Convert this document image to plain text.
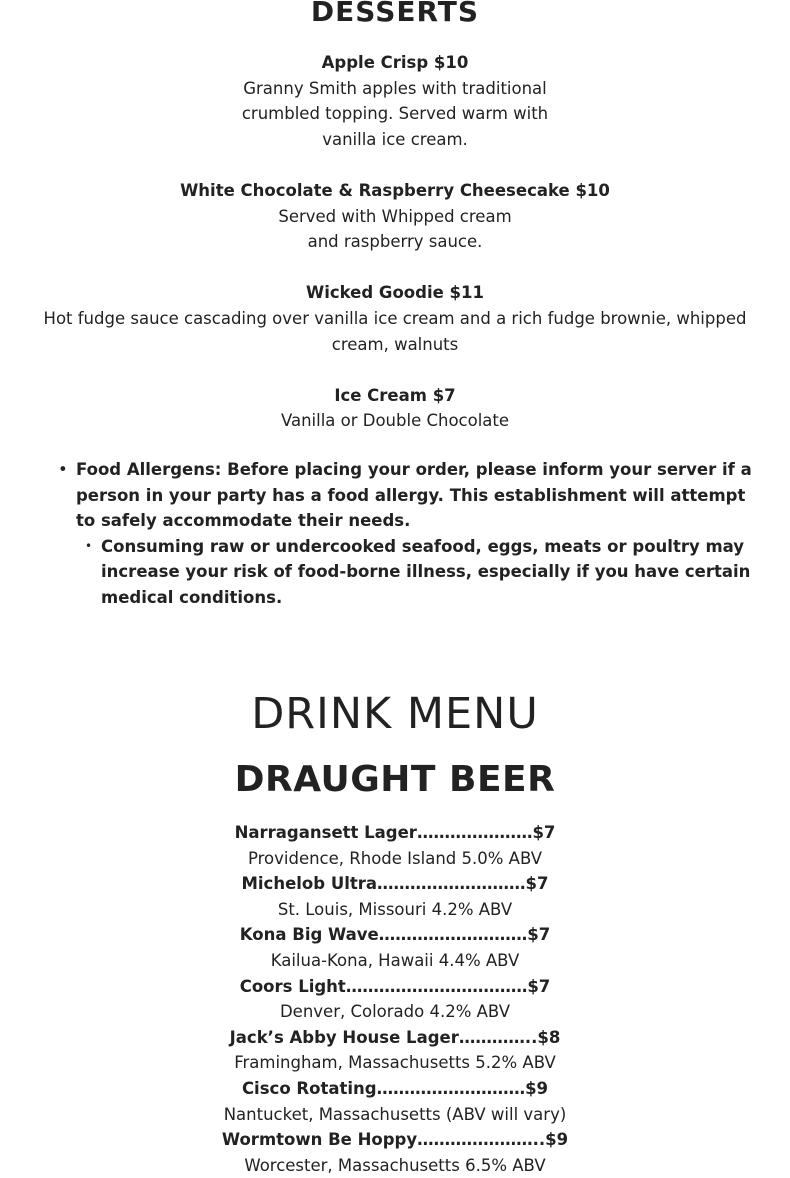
DESSERTS
Apple Crisp $10
Granny Smith apples with traditional crumbled topping. Served warm with vanilla ice cream.
White Chocolate & Raspberry Cheesecake $10
Served with Whipped cream and raspberry sauce.
Wicked Goodie $11
Hot fudge sauce cascading over vanilla ice cream and a rich fudge brownie, whipped cream, walnuts
Ice Cream $7
Vanilla or Double Chocolate
• Food Allergens: Before placing your order, please inform your server if a person in your party has a food allergy. This establishment will attempt to safely accommodate their needs.
• Consuming raw or undercooked seafood, eggs, meats or poultry may increase your risk of food-borne illness, especially if you have certain medical conditions.
DRINK MENU
DRAUGHT BEER
Narragansett Lager…………………$7
Providence, Rhode Island 5.0% ABV
Michelob Ultra………………………$7
St. Louis, Missouri 4.2% ABV
Kona Big Wave………………………$7
Kailua-Kona, Hawaii 4.4% ABV
Coors Light……………………………$7
Denver, Colorado 4.2% ABV
Jack’s Abby House Lager…………..$8
Framingham, Massachusetts 5.2% ABV
Cisco Rotating………………………$9
Nantucket, Massachusetts (ABV will vary)
Wormtown Be Hoppy…………………..$9
Worcester, Massachusetts 6.5% ABV
